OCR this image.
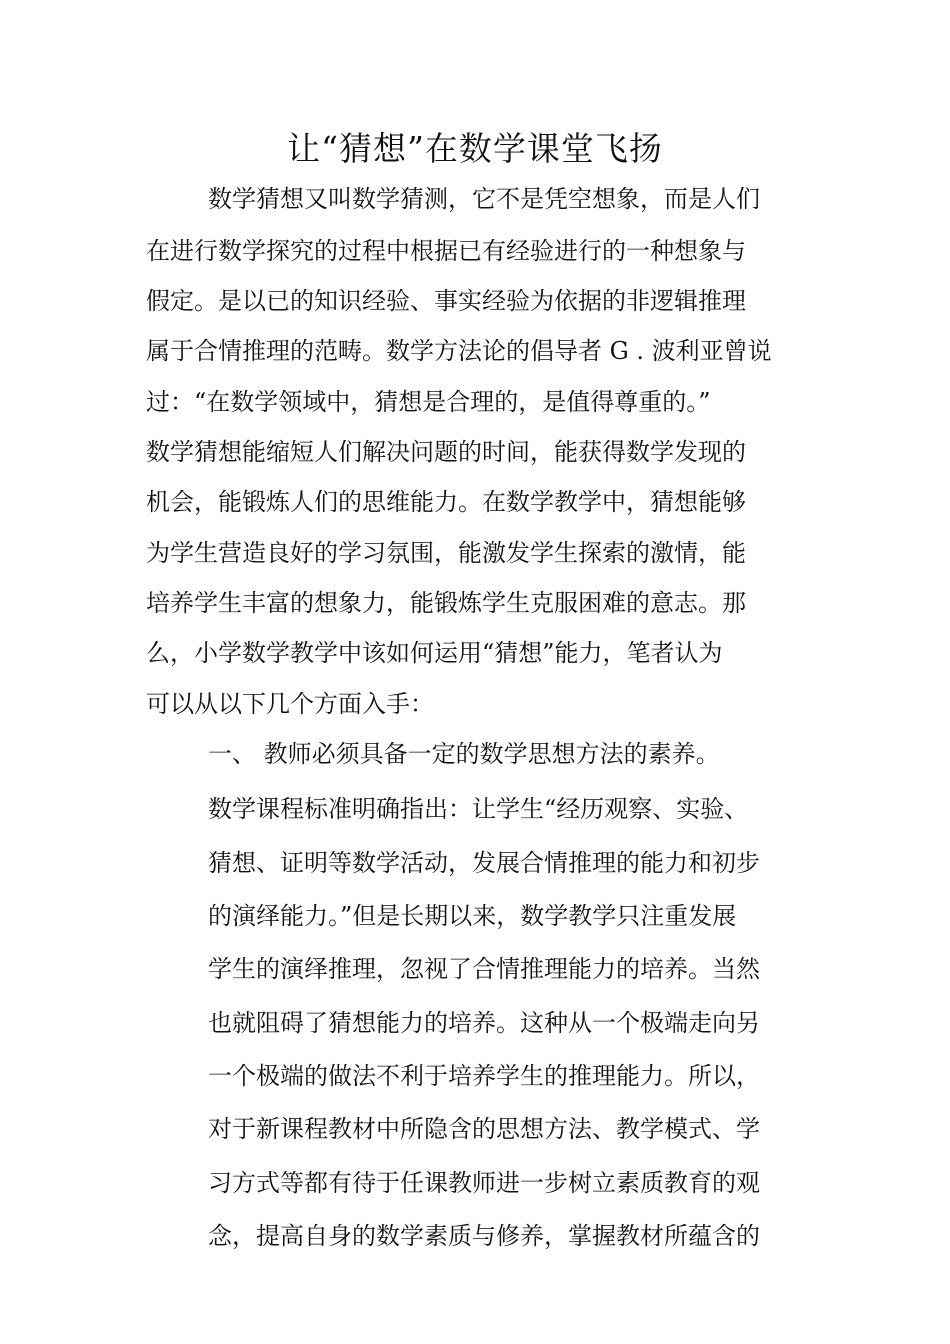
让“猜想”在数学课堂飞扬
数学猜想又叫数学猜测，它不是凭空想象，而是人们
在进行数学探究的过程中根据已有经验进行的一种想象与
假定。是以已的知识经验、事实经验为依据的非逻辑推理
属于合情推理的范畴。数学方法论的倡导者 G . 波利亚曾说
过：“在数学领域中，猜想是合理的，是值得尊重的。”
数学猜想能缩短人们解决问题的时间，能获得数学发现的
机会，能锻炼人们的思维能力。在数学教学中，猜想能够
为学生营造良好的学习氛围，能激发学生探索的激情，能
培养学生丰富的想象力，能锻炼学生克服困难的意志。那
么，小学数学教学中该如何运用“猜想”能力，笔者认为
可以从以下几个方面入手：
一、 教师必须具备一定的数学思想方法的素养。
数学课程标准明确指出：让学生“经历观察、实验、
猜想、证明等数学活动，发展合情推理的能力和初步
的演绎能力。”但是长期以来，数学教学只注重发展
学生的演绎推理，忽视了合情推理能力的培养。当然
也就阻碍了猜想能力的培养。这种从一个极端走向另
一个极端的做法不利于培养学生的推理能力。所以，
对于新课程教材中所隐含的思想方法、教学模式、学
习方式等都有待于任课教师进一步树立素质教育的观
念，提高自身的数学素质与修养，掌握教材所蕴含的
